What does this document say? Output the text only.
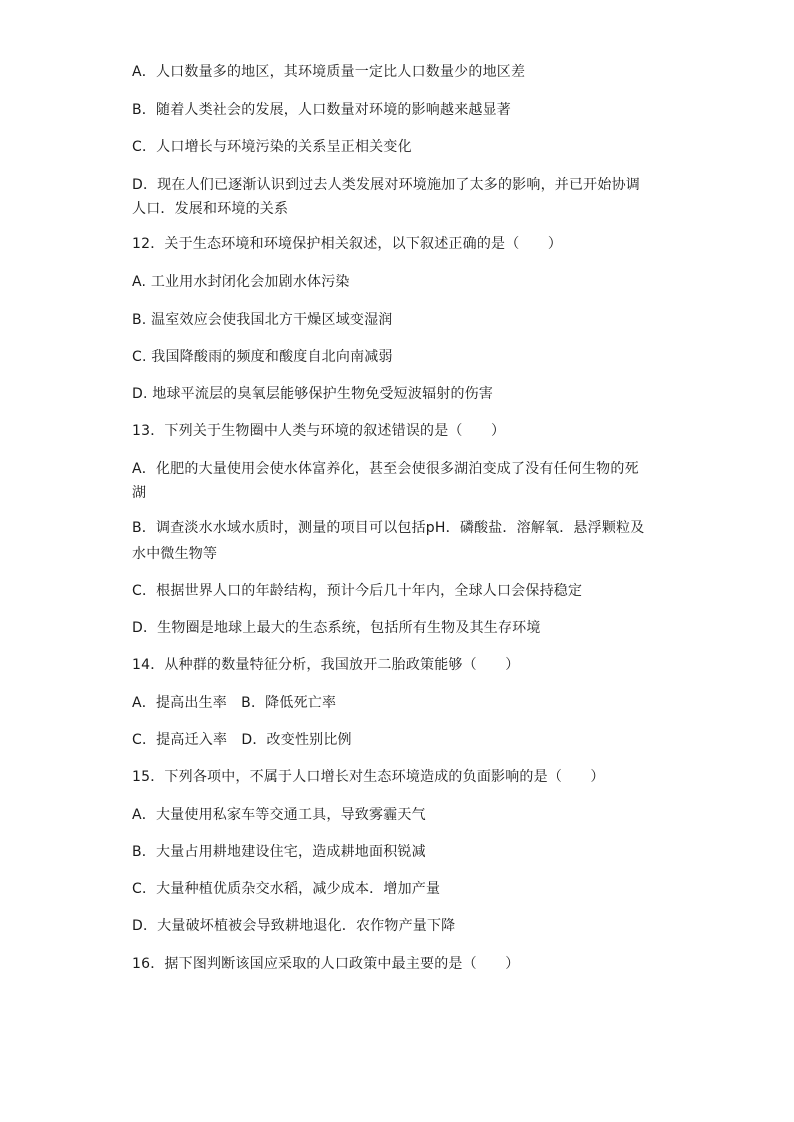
A．人口数量多的地区，其环境质量一定比人口数量少的地区差
B．随着人类社会的发展，人口数量对环境的影响越来越显著
C．人口增长与环境污染的关系呈正相关变化
D．现在人们已逐渐认识到过去人类发展对环境施加了太多的影响，并已开始协调
人口．发展和环境的关系
12．关于生态环境和环境保护相关叙述，以下叙述正确的是（　　）
A. 工业用水封闭化会加剧水体污染
B. 温室效应会使我国北方干燥区域变湿润
C. 我国降酸雨的频度和酸度自北向南减弱
D. 地球平流层的臭氧层能够保护生物免受短波辐射的伤害
13．下列关于生物圈中人类与环境的叙述错误的是（　　）
A．化肥的大量使用会使水体富养化，甚至会使很多湖泊变成了没有任何生物的死
湖
B．调查淡水水域水质时，测量的项目可以包括pH．磷酸盐．溶解氧．悬浮颗粒及
水中微生物等
C．根据世界人口的年龄结构，预计今后几十年内，全球人口会保持稳定
D．生物圈是地球上最大的生态系统，包括所有生物及其生存环境
14．从种群的数量特征分析，我国放开二胎政策能够（　　）
A．提高出生率　B．降低死亡率
C．提高迁入率　D．改变性别比例
15．下列各项中，不属于人口增长对生态环境造成的负面影响的是（　　）
A．大量使用私家车等交通工具，导致雾霾天气
B．大量占用耕地建设住宅，造成耕地面积锐减
C．大量种植优质杂交水稻，减少成本．增加产量
D．大量破坏植被会导致耕地退化．农作物产量下降
16．据下图判断该国应采取的人口政策中最主要的是（　　）
